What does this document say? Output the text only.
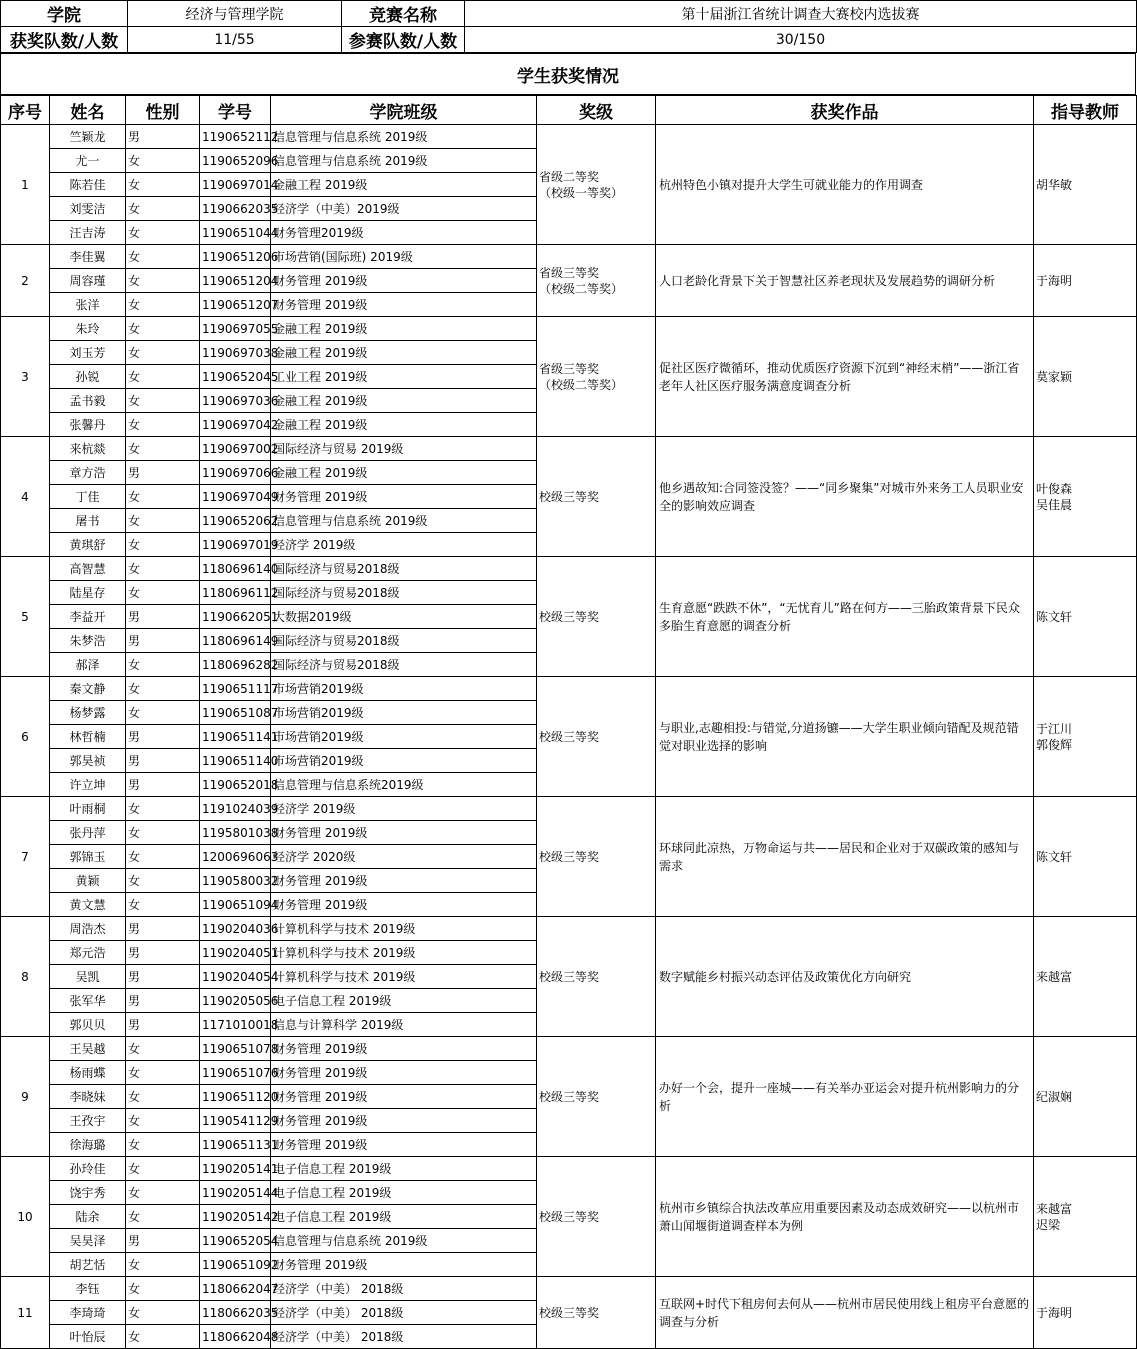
学院	经济与管理学院	竞赛名称	第十届浙江省统计调查大赛校内选拔赛
获奖队数/人数	11/55	参赛队数/人数	30/150
学生获奖情况
序号	姓名	性别	学号	学院班级	奖级	获奖作品	指导教师
1	竺颖龙	男	1190652112	信息管理与信息系统 2019级	省级二等奖
（校级一等奖）	杭州特色小镇对提升大学生可就业能力的作用调查	胡华敏
	尤一	女	1190652096	信息管理与信息系统 2019级			
	陈若佳	女	1190697014	金融工程 2019级			
	刘雯洁	女	1190662035	经济学（中美）2019级			
	汪吉涛	女	1190651044	财务管理2019级			
2	李佳翼	女	1190651206	市场营销(国际班) 2019级	省级三等奖
（校级二等奖）	人口老龄化背景下关于智慧社区养老现状及发展趋势的调研分析	于海明
	周容瑾	女	1190651204	财务管理 2019级			
	张洋	女	1190651207	财务管理 2019级			
3	朱玲	女	1190697055	金融工程 2019级	省级三等奖
（校级二等奖）	促社区医疗微循环，推动优质医疗资源下沉到“神经末梢”——浙江省老年人社区医疗服务满意度调查分析	莫家颖
	刘玉芳	女	1190697038	金融工程 2019级			
	孙锐	女	1190652045	工业工程 2019级			
	孟书毅	女	1190697036	金融工程 2019级			
	张馨丹	女	1190697042	金融工程 2019级			
4	来杭燚	女	1190697002	国际经济与贸易 2019级	校级三等奖	他乡遇故知:合同签没签？——“同乡聚集”对城市外来务工人员职业安全的影响效应调查	叶俊森
吴佳晨
	章方浩	男	1190697066	金融工程 2019级			
	丁佳	女	1190697049	财务管理 2019级			
	屠书	女	1190652062	信息管理与信息系统 2019级			
	黄琪舒	女	1190697019	经济学 2019级			
5	高智慧	女	1180696140	国际经济与贸易2018级	校级三等奖	生育意愿“跌跌不休”，“无忧育儿”路在何方——三胎政策背景下民众多胎生育意愿的调查分析	陈文轩
	陆星存	女	1180696112	国际经济与贸易2018级			
	李益开	男	1190662051	大数据2019级			
	朱梦浩	男	1180696149	国际经济与贸易2018级			
	郝泽	女	1180696282	国际经济与贸易2018级			
6	秦文静	女	1190651117	市场营销2019级	校级三等奖	与职业,志趣相投:与错觉,分道扬镳——大学生职业倾向错配及规范错觉对职业选择的影响	于江川
郭俊辉
	杨梦露	女	1190651087	市场营销2019级			
	林哲楠	男	1190651141	市场营销2019级			
	郭昊祯	男	1190651140	市场营销2019级			
	许立坤	男	1190652018	信息管理与信息系统2019级			
7	叶雨桐	女	1191024039	经济学 2019级	校级三等奖	环球同此凉热，万物命运与共——居民和企业对于双碳政策的感知与需求	陈文轩
	张丹萍	女	1195801038	财务管理 2019级			
	郭锦玉	女	1200696063	经济学 2020级			
	黄颖	女	1190580032	财务管理 2019级			
	黄文慧	女	1190651094	财务管理 2019级			
8	周浩杰	男	1190204036	计算机科学与技术 2019级	校级三等奖	数字赋能乡村振兴动态评估及政策优化方向研究	来越富
	郑元浩	男	1190204051	计算机科学与技术 2019级			
	吴凯	男	1190204054	计算机科学与技术 2019级			
	张军华	男	1190205056	电子信息工程 2019级			
	郭贝贝	男	1171010018	信息与计算科学 2019级			
9	王吴越	女	1190651078	财务管理 2019级	校级三等奖	办好一个会，提升一座城——有关举办亚运会对提升杭州影响力的分析	纪淑娴
	杨雨蝶	女	1190651076	财务管理 2019级			
	李晓妹	女	1190651120	财务管理 2019级			
	王孜宇	女	1190541129	财务管理 2019级			
	徐海璐	女	1190651131	财务管理 2019级			
10	孙玲佳	女	1190205141	电子信息工程 2019级	校级三等奖	杭州市乡镇综合执法改革应用重要因素及动态成效研究——以杭州市萧山闻堰街道调查样本为例	来越富
迟梁
	饶宇秀	女	1190205144	电子信息工程 2019级			
	陆余	女	1190205142	电子信息工程 2019级			
	吴昊泽	男	1190652054	信息管理与信息系统 2019级			
	胡艺恬	女	1190651092	财务管理 2019级			
11	李钰	女	1180662047	经济学（中美） 2018级	校级三等奖	互联网+时代下租房何去何从——杭州市居民使用线上租房平台意愿的调查与分析	于海明
	李琦琦	女	1180662035	经济学（中美） 2018级			
	叶怡辰	女	1180662048	经济学（中美） 2018级			
